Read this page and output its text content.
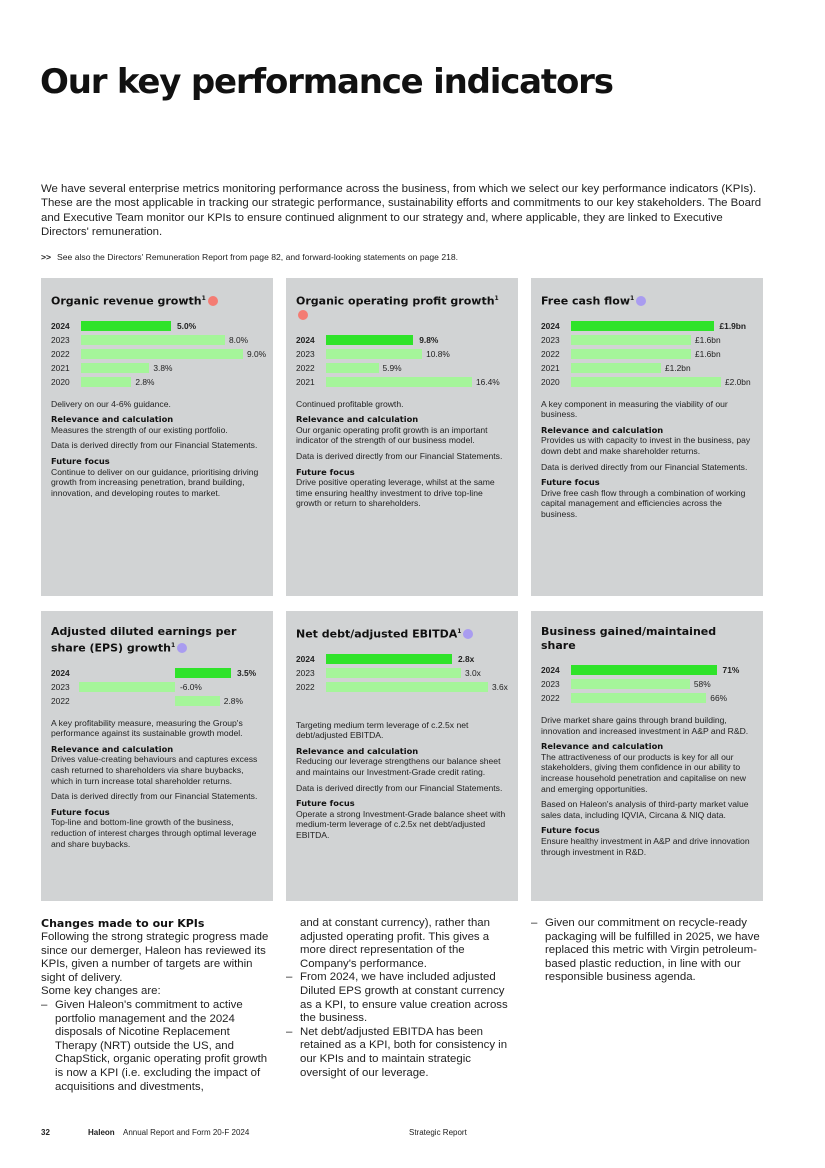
Our key performance indicators

We have several enterprise metrics monitoring performance across the business, from which we select our key performance indicators (KPIs). These are the most applicable in tracking our strategic performance, sustainability efforts and commitments to our key stakeholders. The Board and Executive Team monitor our KPIs to ensure continued alignment to our strategy and, where applicable, they are linked to Executive Directors' remuneration.

>> See also the Directors' Remuneration Report from page 82, and forward-looking statements on page 218.
Organic revenue growth$^1$
2024	5.0%
2023	8.0%
2022	9.0%
2021	3.8%
2020	2.8%

Delivery on our 4-6% guidance.

Relevance and calculation

Measures the strength of our existing portfolio.

Data is derived directly from our Financial Statements.

Future focus

Continue to deliver on our guidance, prioritising driving growth from increasing penetration, brand building, innovation, and developing routes to market.

Organic operating profit growth$^1$
2024	9.8%
2023	10.8%
2022	5.9%
2021	16.4%

Continued profitable growth.

Relevance and calculation

Our organic operating profit growth is an important indicator of the strength of our business model.

Data is derived directly from our Financial Statements.

Future focus

Drive positive operating leverage, whilst at the same time ensuring healthy investment to drive top-line growth or return to shareholders.

Free cash flow$^1$
2024	£1.9bn
2023	£1.6bn
2022	£1.6bn
2021	£1.2bn
2020	£2.0bn

A key component in measuring the viability of our business.

Relevance and calculation

Provides us with capacity to invest in the business, pay down debt and make shareholder returns.

Data is derived directly from our Financial Statements.

Future focus

Drive free cash flow through a combination of working capital management and efficiencies across the business.

Adjusted diluted earnings per share (EPS) growth$^1$
2024	3.5%
2023	-6.0%
2022	2.8%

A key profitability measure, measuring the Group's performance against its sustainable growth model.

Relevance and calculation

Drives value-creating behaviours and captures excess cash returned to shareholders via share buybacks, which in turn increase total shareholder returns.

Data is derived directly from our Financial Statements.

Future focus

Top-line and bottom-line growth of the business, reduction of interest charges through optimal leverage and share buybacks.

Net debt/adjusted EBITDA$^1$
2024	2.8x
2023	3.0x
2022	3.6x

Targeting medium term leverage of c.2.5x net debt/adjusted EBITDA.

Relevance and calculation

Reducing our leverage strengthens our balance sheet and maintains our Investment-Grade credit rating.

Data is derived directly from our Financial Statements.

Future focus

Operate a strong Investment-Grade balance sheet with medium-term leverage of c.2.5x net debt/adjusted EBITDA.

Business gained/maintained share
2024	71%
2023	58%
2022	66%

Drive market share gains through brand building, innovation and increased investment in A&P and R&D.

Relevance and calculation

The attractiveness of our products is key for all our stakeholders, giving them confidence in our ability to increase household penetration and capitalise on new and emerging opportunities.

Based on Haleon's analysis of third-party market value sales data, including IQVIA, Circana & NIQ data.

Future focus

Ensure healthy investment in A&P and drive innovation through investment in R&D.

Changes made to our KPIs

Following the strong strategic progress made since our demerger, Haleon has reviewed its KPIs, given a number of targets are within sight of delivery.

Some key changes are:

– Given Haleon's commitment to active portfolio management and the 2024 disposals of Nicotine Replacement Therapy (NRT) outside the US, and ChapStick, organic operating profit growth is now a KPI (i.e. excluding the impact of acquisitions and divestments,

and at constant currency), rather than adjusted operating profit. This gives a more direct representation of the Company's performance.

– From 2024, we have included adjusted Diluted EPS growth at constant currency as a KPI, to ensure value creation across the business.

– Net debt/adjusted EBITDA has been retained as a KPI, both for consistency in our KPIs and to maintain strategic oversight of our leverage.

– Given our commitment on recycle-ready packaging will be fulfilled in 2025, we have replaced this metric with Virgin petroleum-based plastic reduction, in line with our responsible business agenda.

32	Haleon Annual Report and Form 20-F 2024	Strategic Report
